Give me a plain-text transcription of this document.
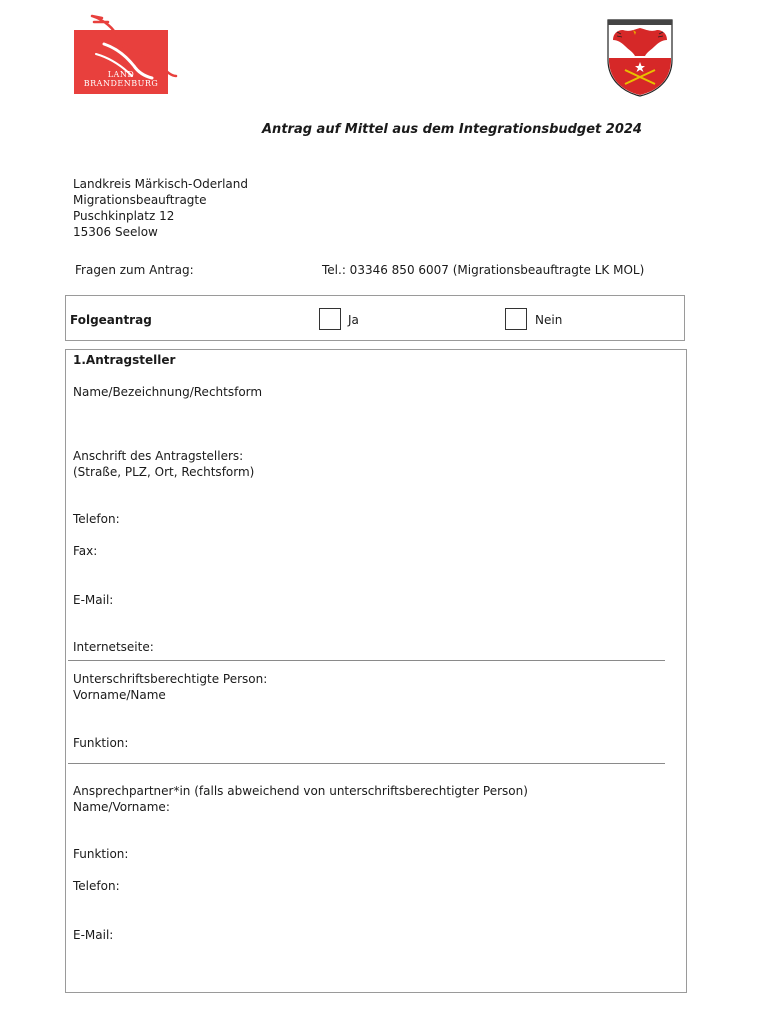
LAND
BRANDENBURG
Antrag auf Mittel aus dem Integrationsbudget 2024
Landkreis Märkisch-Oderland
Migrationsbeauftragte
Puschkinplatz 12
15306 Seelow
Fragen zum Antrag:	Tel.: 03346 850 6007 (Migrationsbeauftragte LK MOL)
Folgeantrag	Ja	Nein
1.Antragsteller
Name/Bezeichnung/Rechtsform
Anschrift des Antragstellers:
(Straße, PLZ, Ort, Rechtsform)
Telefon:
Fax:
E-Mail:
Internetseite:
Unterschriftsberechtigte Person:
Vorname/Name
Funktion:
Ansprechpartner*in (falls abweichend von unterschriftsberechtigter Person)
Name/Vorname:
Funktion:
Telefon:
E-Mail:
